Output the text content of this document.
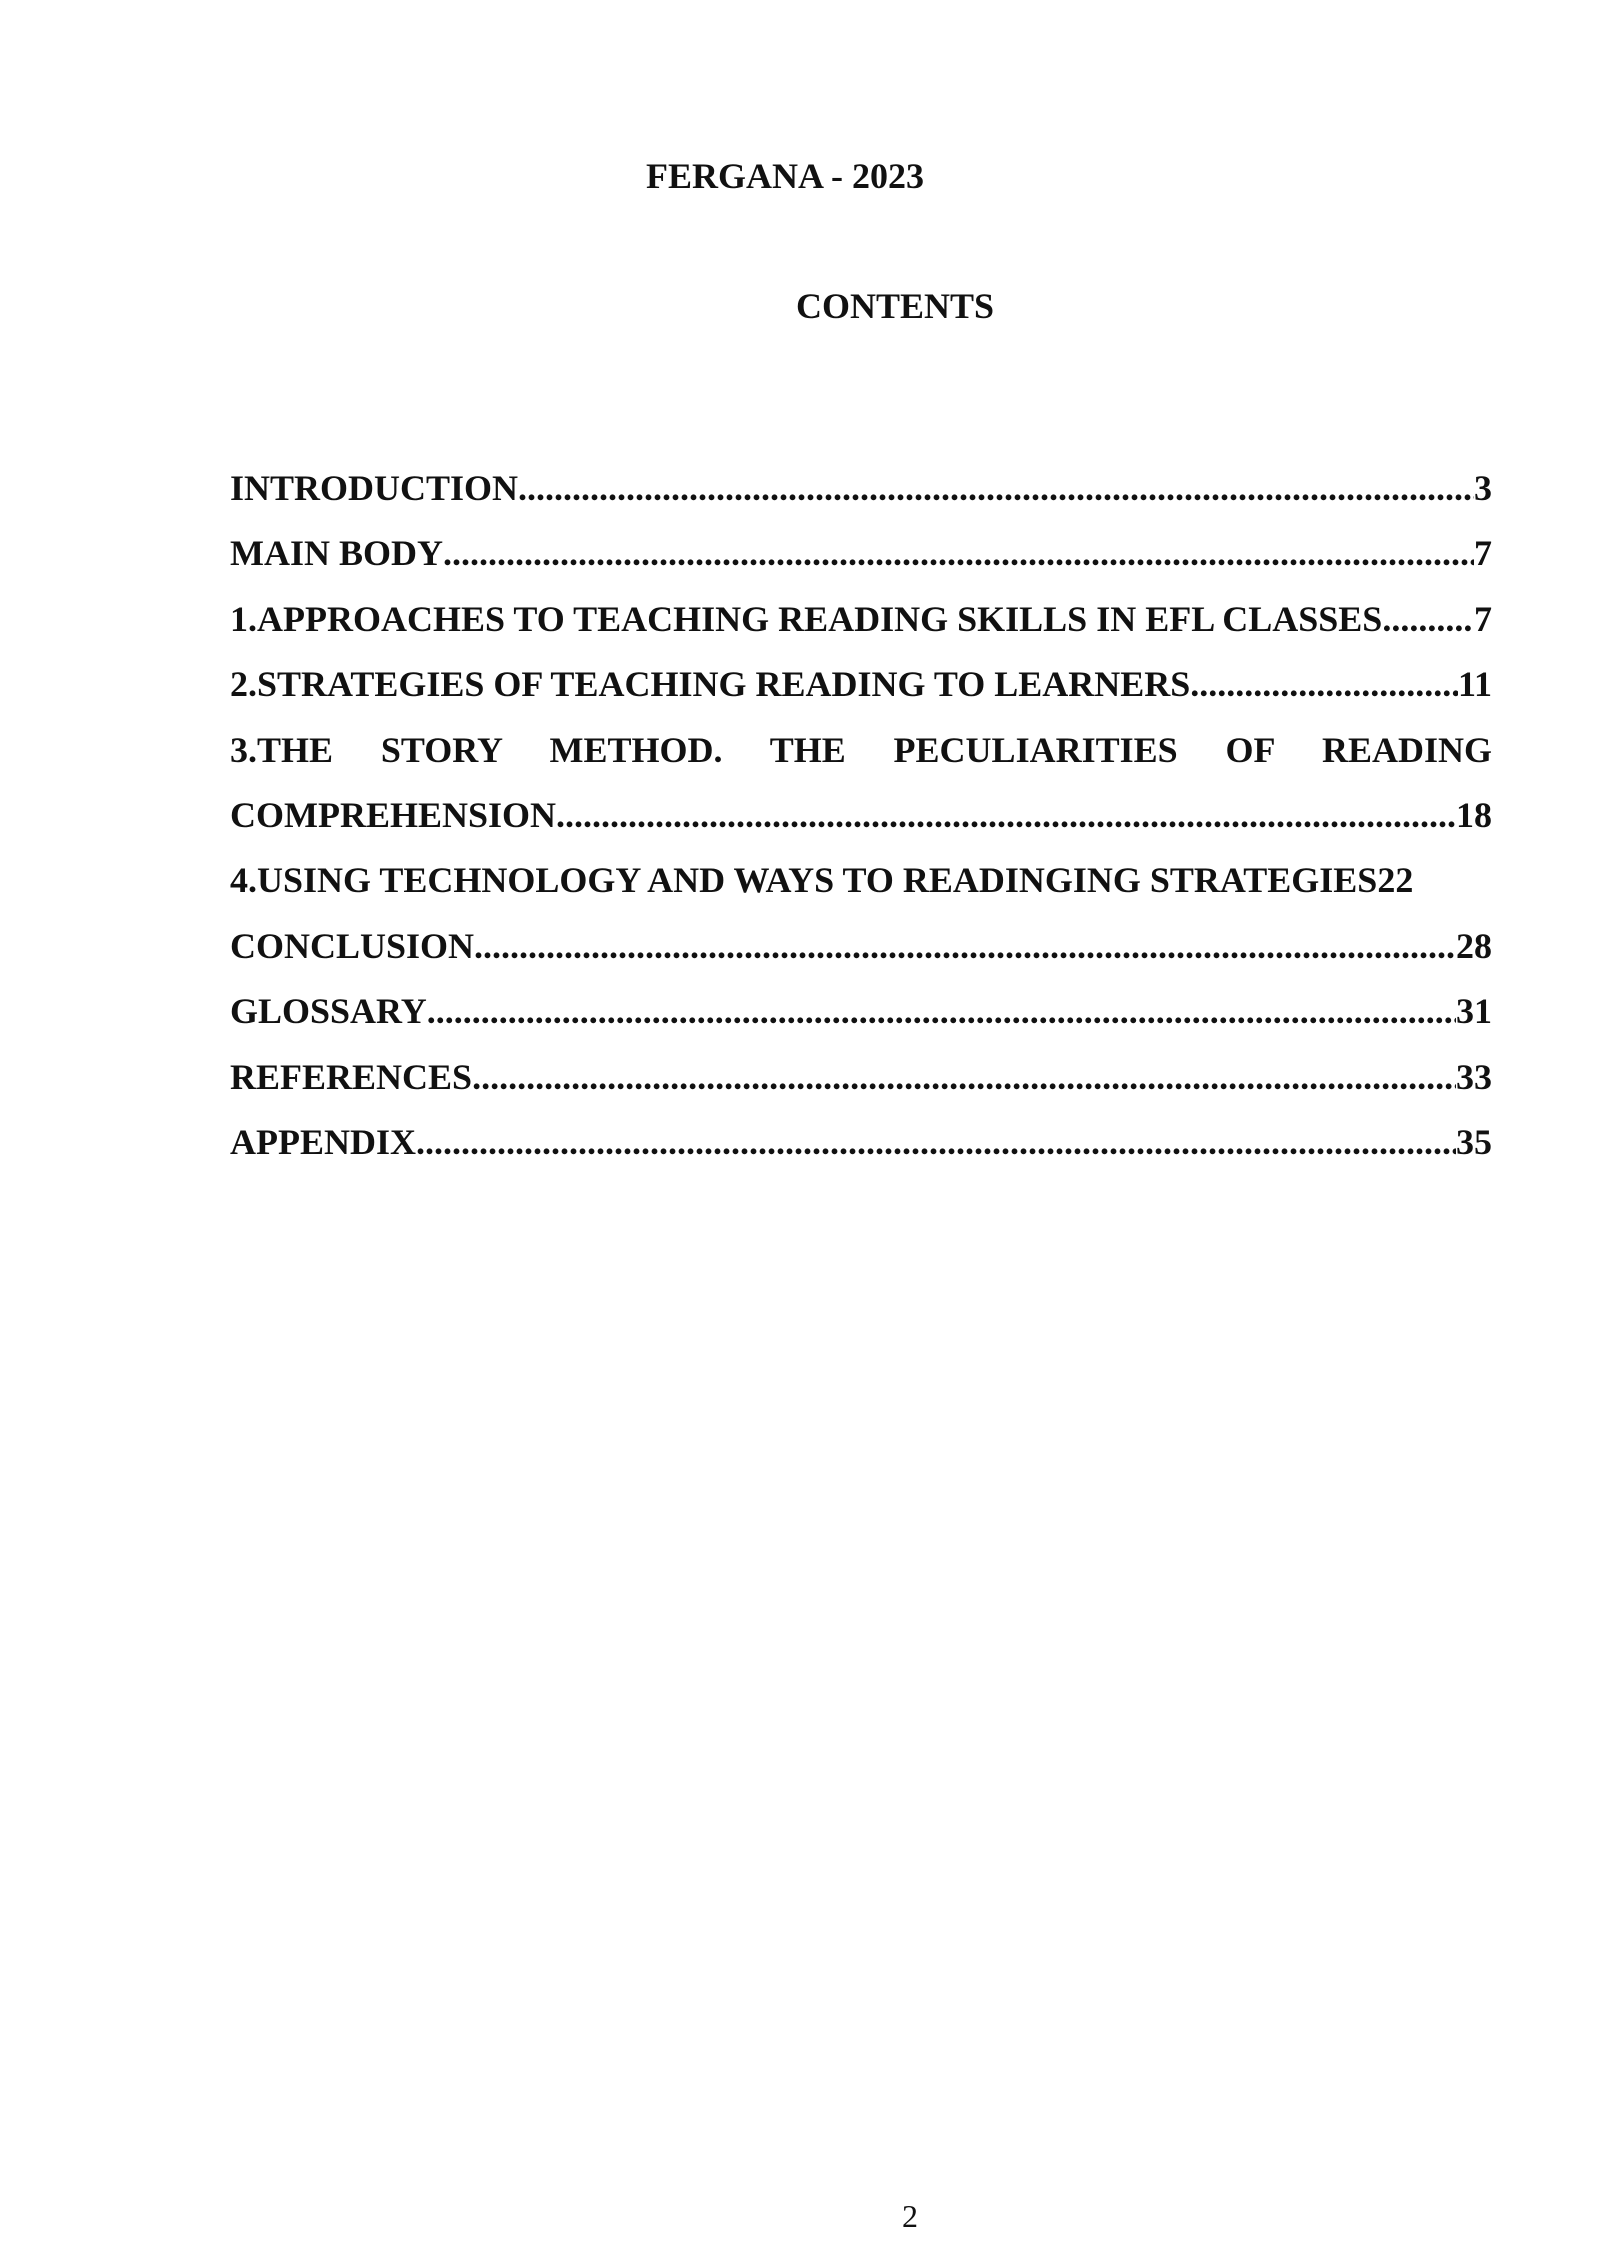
FERGANA - 2023

CONTENTS
INTRODUCTION .....	3
MAIN BODY .....	7
1.APPROACHES TO TEACHING READING SKILLS IN EFL CLASSES .....	7
2.STRATEGIES OF TEACHING READING TO LEARNERS .....	11
3.THE STORY METHOD. THE PECULIARITIES OF READING
COMPREHENSION .....	18
4.USING TECHNOLOGY AND WAYS TO READINGING STRATEGIES 22
CONCLUSION .....	28
GLOSSARY .....	31
REFERENCES .....	33
APPENDIX .....	35

2
